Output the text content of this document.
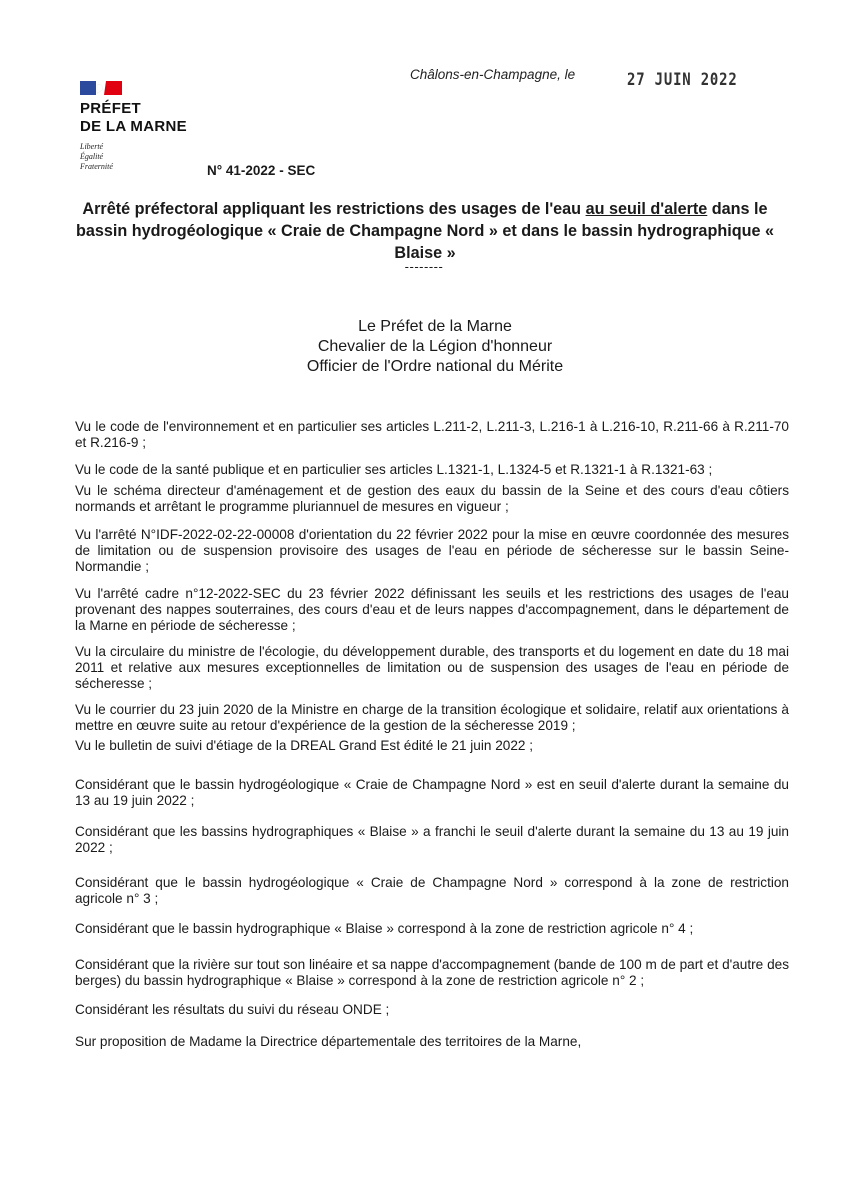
PRÉFET
DE LA MARNE
Liberté
Égalité
Fraternité
Châlons-en-Champagne, le	27 JUIN 2022
N° 41-2022 - SEC
Arrêté préfectoral appliquant les restrictions des usages de l'eau au seuil d'alerte dans le bassin hydrogéologique « Craie de Champagne Nord » et dans le bassin hydrographique « Blaise »
--------
Le Préfet de la Marne
Chevalier de la Légion d'honneur
Officier de l'Ordre national du Mérite
Vu le code de l'environnement et en particulier ses articles L.211-2, L.211-3, L.216-1 à L.216-10, R.211-66 à R.211-70 et R.216-9 ;
Vu le code de la santé publique et en particulier ses articles L.1321-1, L.1324-5 et R.1321-1 à R.1321-63 ;
Vu le schéma directeur d'aménagement et de gestion des eaux du bassin de la Seine et des cours d'eau côtiers normands et arrêtant le programme pluriannuel de mesures en vigueur ;
Vu l'arrêté N°IDF-2022-02-22-00008 d'orientation du 22 février 2022 pour la mise en œuvre coordonnée des mesures de limitation ou de suspension provisoire des usages de l'eau en période de sécheresse sur le bassin Seine-Normandie ;
Vu l'arrêté cadre n°12-2022-SEC du 23 février 2022 définissant les seuils et les restrictions des usages de l'eau provenant des nappes souterraines, des cours d'eau et de leurs nappes d'accompagnement, dans le département de la Marne en période de sécheresse ;
Vu la circulaire du ministre de l'écologie, du développement durable, des transports et du logement en date du 18 mai 2011 et relative aux mesures exceptionnelles de limitation ou de suspension des usages de l'eau en période de sécheresse ;
Vu le courrier du 23 juin 2020 de la Ministre en charge de la transition écologique et solidaire, relatif aux orientations à mettre en œuvre suite au retour d'expérience de la gestion de la sécheresse 2019 ;
Vu le bulletin de suivi d'étiage de la DREAL Grand Est édité le 21 juin 2022 ;
Considérant que le bassin hydrogéologique « Craie de Champagne Nord » est en seuil d'alerte durant la semaine du 13 au 19 juin 2022 ;
Considérant que les bassins hydrographiques « Blaise » a franchi le seuil d'alerte durant la semaine du 13 au 19 juin 2022 ;
Considérant que le bassin hydrogéologique « Craie de Champagne Nord » correspond à la zone de restriction agricole n° 3 ;
Considérant que le bassin hydrographique « Blaise » correspond à la zone de restriction agricole n° 4 ;
Considérant que la rivière sur tout son linéaire et sa nappe d'accompagnement (bande de 100 m de part et d'autre des berges) du bassin hydrographique « Blaise » correspond à la zone de restriction agricole n° 2 ;
Considérant les résultats du suivi du réseau ONDE ;
Sur proposition de Madame la Directrice départementale des territoires de la Marne,
